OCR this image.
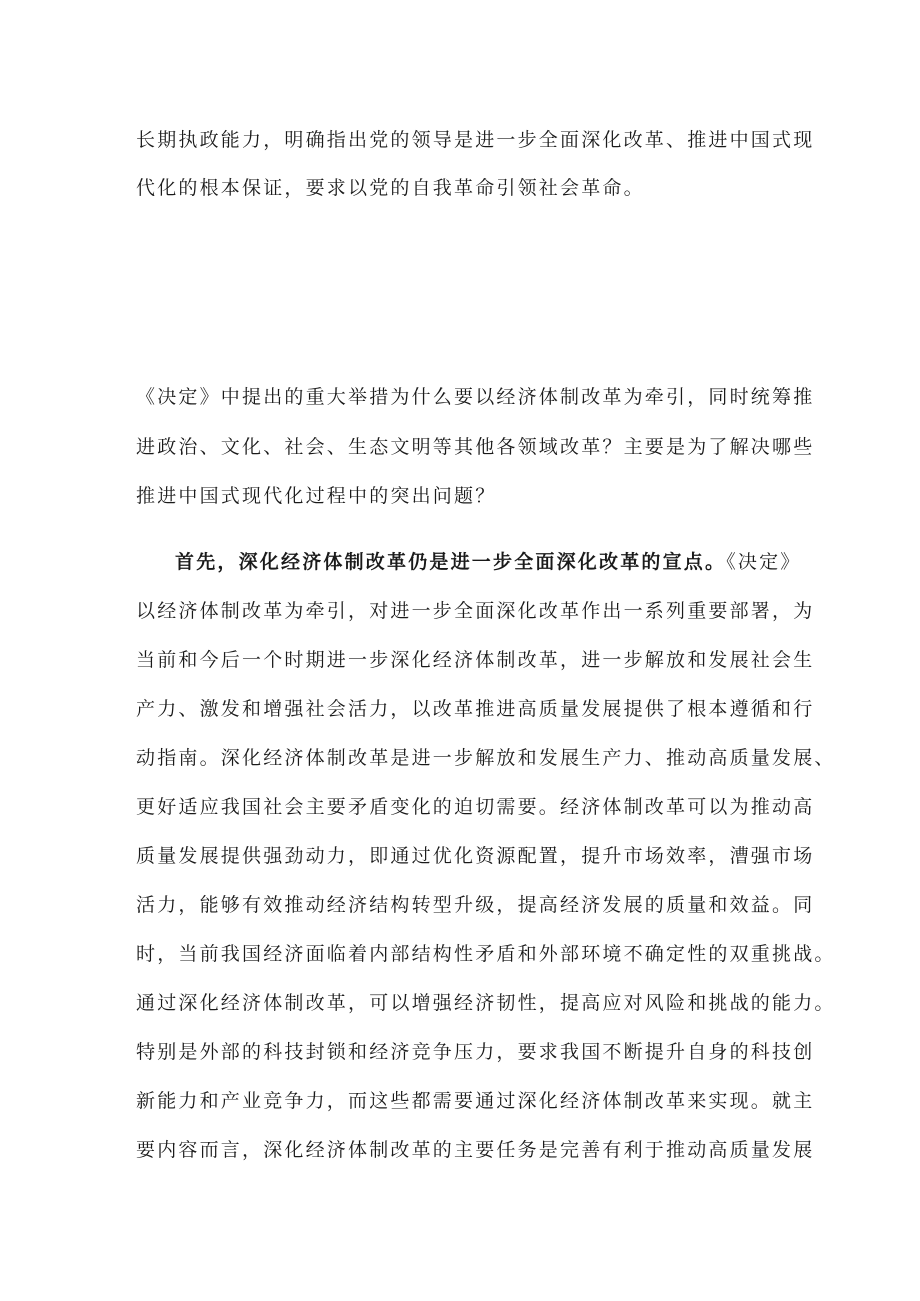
长期执政能力，明确指出党的领导是进一步全面深化改革、推进中国式现
代化的根本保证，要求以党的自我革命引领社会革命。
《决定》中提出的重大举措为什么要以经济体制改革为牵引，同时统筹推
进政治、文化、社会、生态文明等其他各领域改革？主要是为了解决哪些
推进中国式现代化过程中的突出问题？
首先，深化经济体制改革仍是进一步全面深化改革的宣点。《决定》
以经济体制改革为牵引，对进一步全面深化改革作出一系列重要部署，为
当前和今后一个时期进一步深化经济体制改革，进一步解放和发展社会生
产力、激发和增强社会活力，以改革推进高质量发展提供了根本遵循和行
动指南。深化经济体制改革是进一步解放和发展生产力、推动高质量发展、
更好适应我国社会主要矛盾变化的迫切需要。经济体制改革可以为推动高
质量发展提供强劲动力，即通过优化资源配置，提升市场效率，漕强市场
活力，能够有效推动经济结构转型升级，提高经济发展的质量和效益。同
时，当前我国经济面临着内部结构性矛盾和外部环境不确定性的双重挑战。
通过深化经济体制改革，可以增强经济韧性，提高应对风险和挑战的能力。
特别是外部的科技封锁和经济竞争压力，要求我国不断提升自身的科技创
新能力和产业竞争力，而这些都需要通过深化经济体制改革来实现。就主
要内容而言，深化经济体制改革的主要任务是完善有利于推动高质量发展
